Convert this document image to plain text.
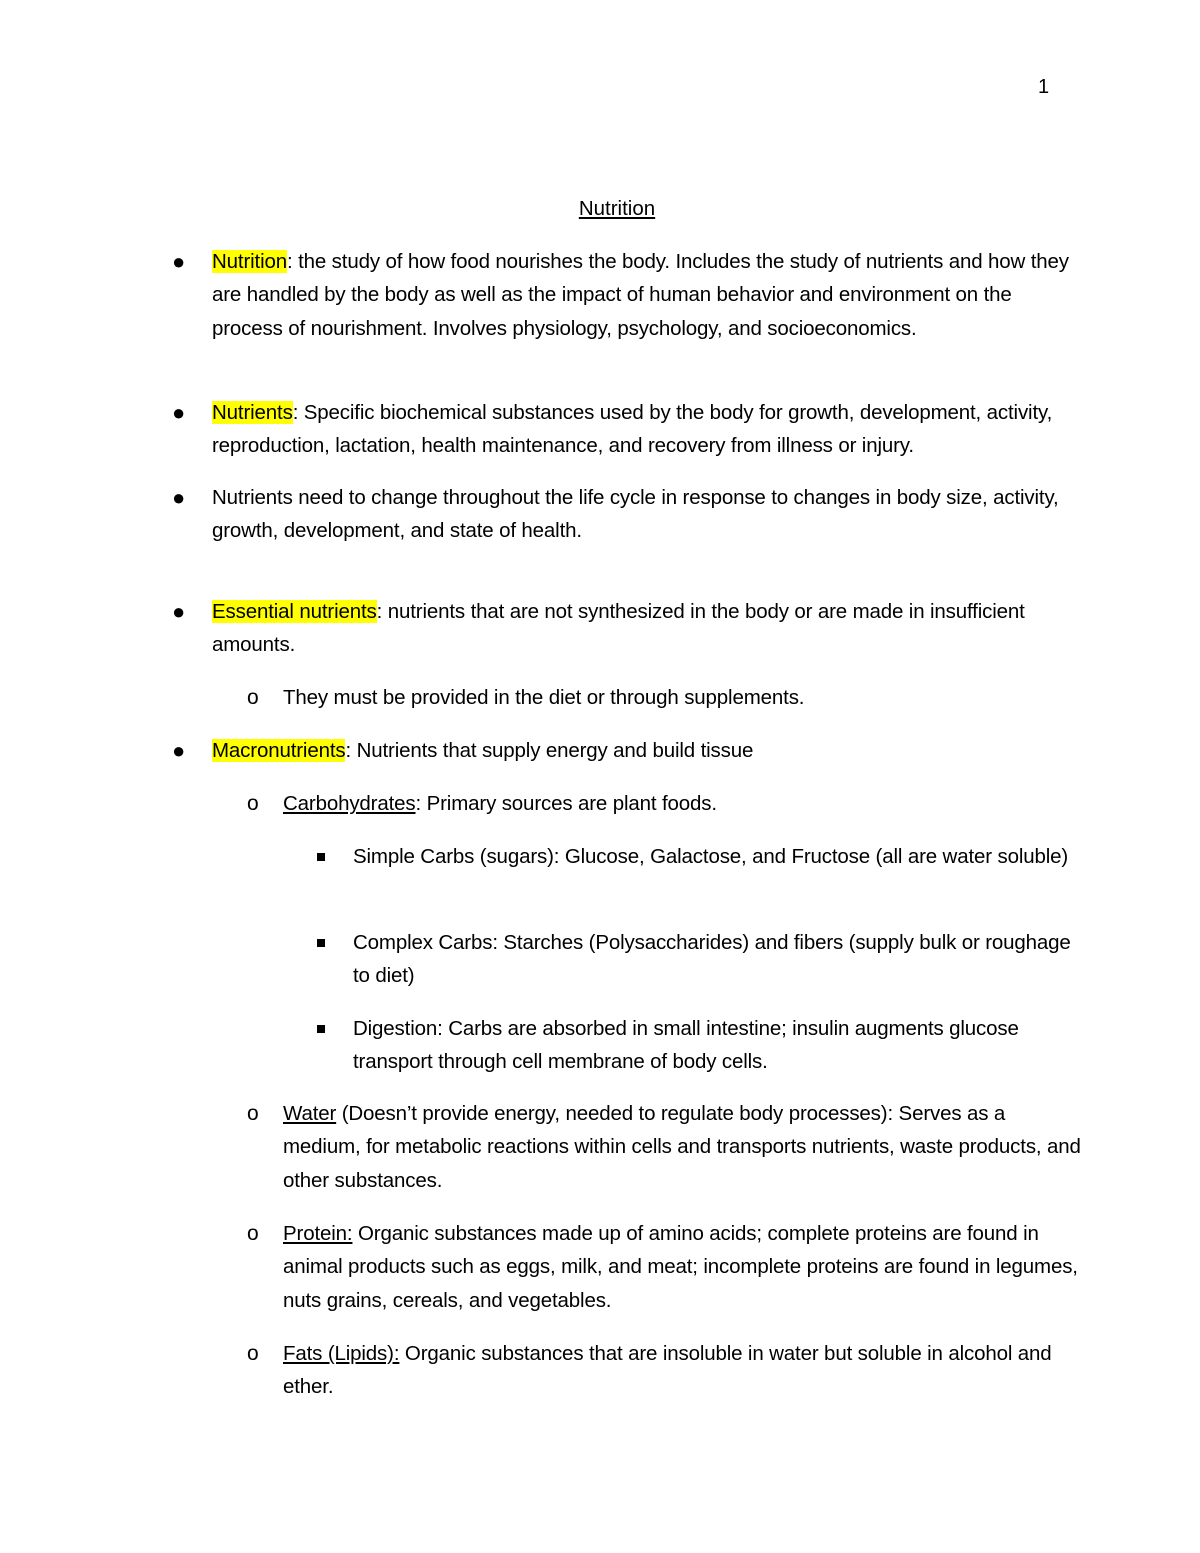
1
Nutrition
● Nutrition: the study of how food nourishes the body. Includes the study of nutrients and how they are handled by the body as well as the impact of human behavior and environment on the process of nourishment. Involves physiology, psychology, and socioeconomics.
● Nutrients: Specific biochemical substances used by the body for growth, development, activity, reproduction, lactation, health maintenance, and recovery from illness or injury.
● Nutrients need to change throughout the life cycle in response to changes in body size, activity, growth, development, and state of health.
● Essential nutrients: nutrients that are not synthesized in the body or are made in insufficient amounts.
o They must be provided in the diet or through supplements.
● Macronutrients: Nutrients that supply energy and build tissue
o Carbohydrates: Primary sources are plant foods.
Simple Carbs (sugars): Glucose, Galactose, and Fructose (all are water soluble)
Complex Carbs: Starches (Polysaccharides) and fibers (supply bulk or roughage to diet)
Digestion: Carbs are absorbed in small intestine; insulin augments glucose transport through cell membrane of body cells.
o Water (Doesn’t provide energy, needed to regulate body processes): Serves as a medium, for metabolic reactions within cells and transports nutrients, waste products, and other substances.
o Protein: Organic substances made up of amino acids; complete proteins are found in animal products such as eggs, milk, and meat; incomplete proteins are found in legumes, nuts grains, cereals, and vegetables.
o Fats (Lipids): Organic substances that are insoluble in water but soluble in alcohol and ether.
